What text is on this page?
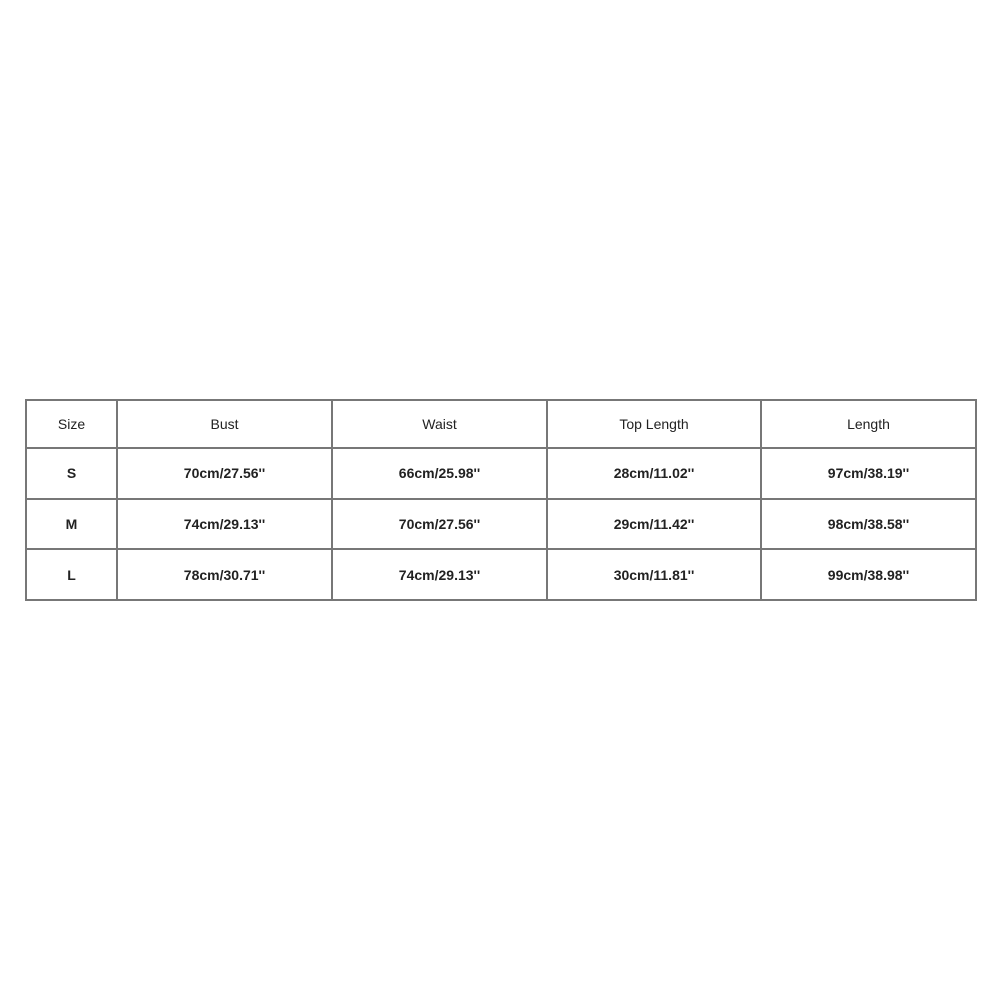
Size	Bust	Waist	Top Length	Length
S	70cm/27.56''	66cm/25.98''	28cm/11.02''	97cm/38.19''
M	74cm/29.13''	70cm/27.56''	29cm/11.42''	98cm/38.58''
L	78cm/30.71''	74cm/29.13''	30cm/11.81''	99cm/38.98''
